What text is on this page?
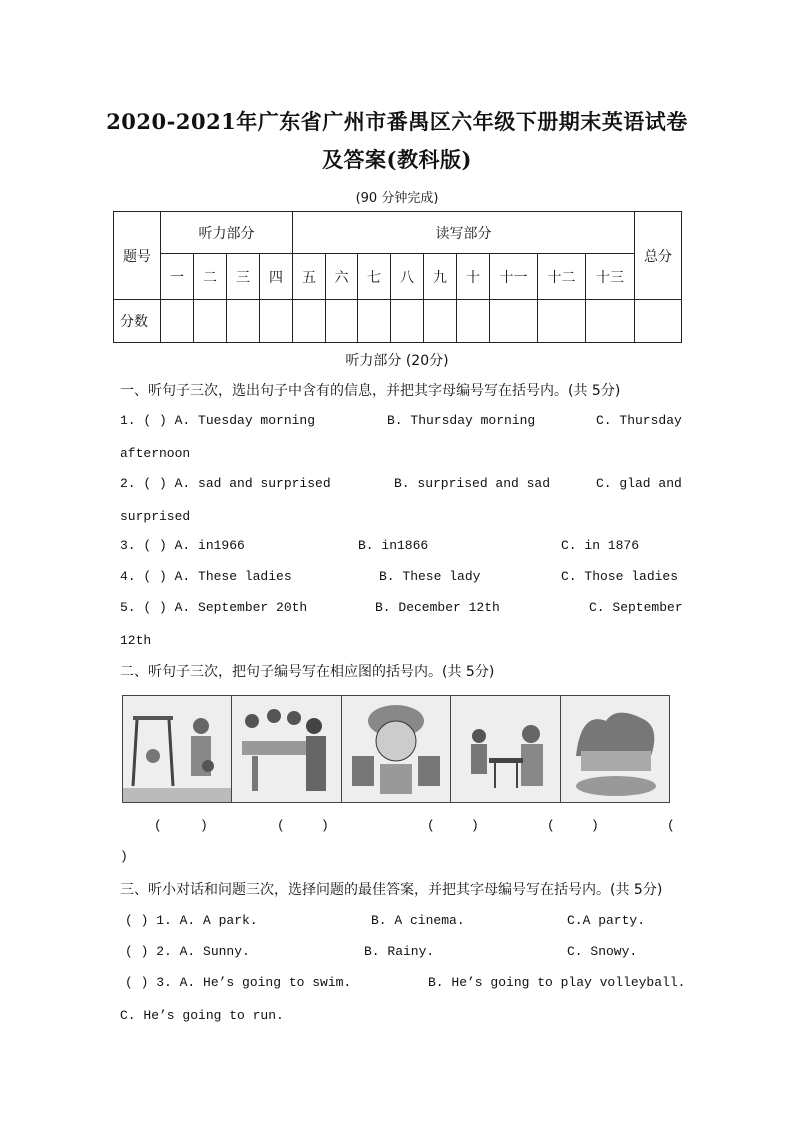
2020-2021年广东省广州市番禺区六年级下册期末英语试卷
及答案(教科版)
(90 分钟完成)
题号	听力部分				读写部分									总分
	一	二	三	四	五	六	七	八	九	十	十一	十二	十三	
分数														
听力部分 (20分)
一、听句子三次，选出句子中含有的信息，并把其字母编号写在括号内。(共 5分)
1. ( ) A. Tuesday morning	B. Thursday morning	C. Thursday
afternoon
2. ( ) A. sad and surprised	B. surprised and sad	C. glad and
surprised
3. ( ) A. in1966	B. in1866	C. in 1876
4. ( ) A. These ladies	B. These lady	C. Those ladies
5. ( ) A. September 20th	B. December 12th	C. September
12th
二、听句子三次，把句子编号写在相应图的括号内。(共 5分)
(	)	(	)	(	)	(	)	(
)
三、听小对话和问题三次，选择问题的最佳答案，并把其字母编号写在括号内。(共 5分)
( ) 1. A. A park.	B. A cinema.	C.A party.
( ) 2. A. Sunny.	B. Rainy.	C. Snowy.
( ) 3. A. He’s going to swim.	B. He’s going to play volleyball.
C. He’s going to run.
